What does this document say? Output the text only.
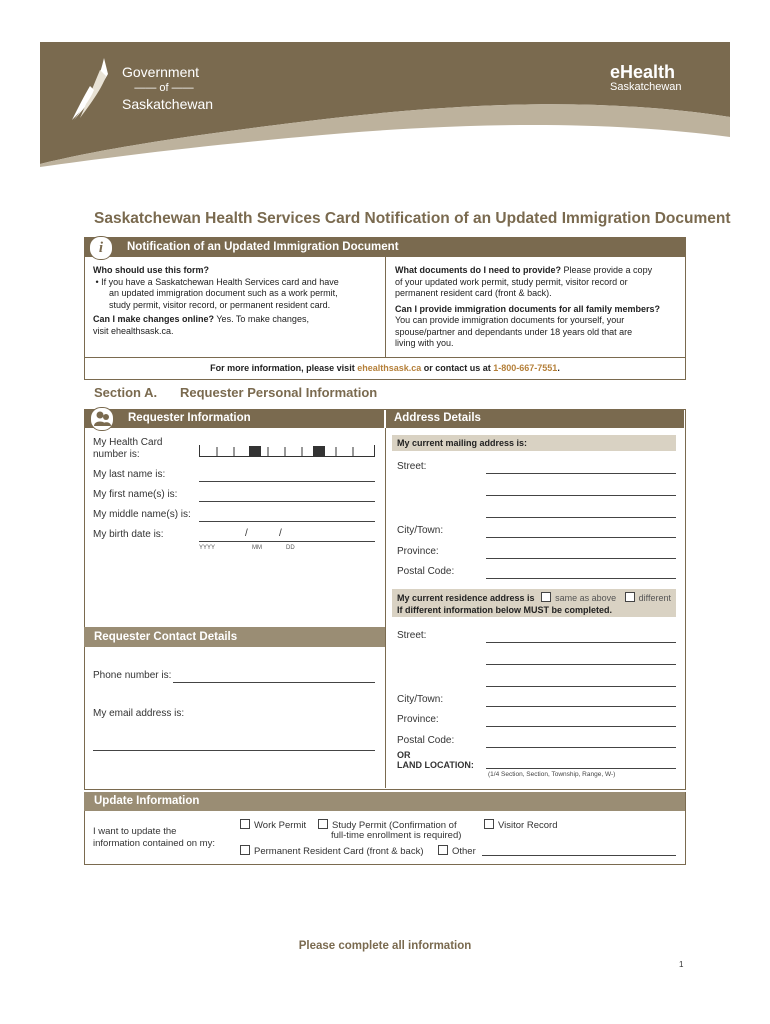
Government
—— of ——
Saskatchewan
eHealth
Saskatchewan
Saskatchewan Health Services Card Notification of an Updated Immigration Document
i	Notification of an Updated Immigration Document
Who should use this form?
• If you have a Saskatchewan Health Services card and have
an updated immigration document such as a work permit,
study permit, visitor record, or permanent resident card.
Can I make changes online? Yes. To make changes,
visit ehealthsask.ca.
What documents do I need to provide? Please provide a copy
of your updated work permit, study permit, visitor record or
permanent resident card (front & back).
Can I provide immigration documents for all family members?
You can provide immigration documents for yourself, your
spouse/partner and dependants under 18 years old that are
living with you.
For more information, please visit ehealthsask.ca or contact us at 1-800-667-7551.
Section A. Requester Personal Information
Requester Information	Address Details
My Health Card
number is:
My last name is:
My first name(s) is:
My middle name(s) is:
My birth date is:	/	/
YYYY	MM	DD
Requester Contact Details
Phone number is:
My email address is:
My current mailing address is:
Street:
City/Town:
Province:
Postal Code:
My current residence address is same as above	different
If different information below MUST be completed.
Street:
City/Town:
Province:
Postal Code:
OR
LAND LOCATION:
(1/4 Section, Section, Township, Range, W-)
Update Information
I want to update the
information contained on my:
Work Permit	Study Permit (Confirmation of
full-time enrollment is required)
Visitor Record
Permanent Resident Card (front & back)	Other
Please complete all information
1
